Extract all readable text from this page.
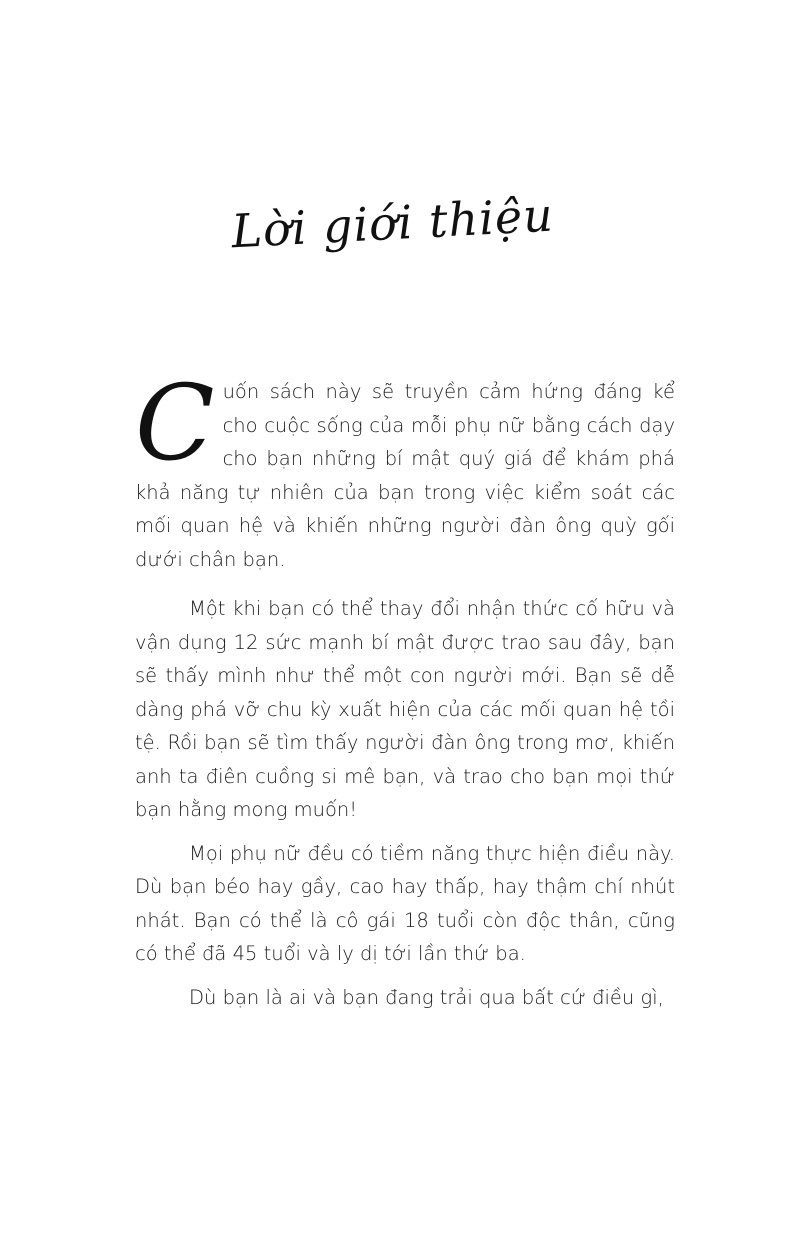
Lời giới thiệu

Cuốn sách này sẽ truyền cảm hứng đáng kể cho cuộc sống của mỗi phụ nữ bằng cách dạy cho bạn những bí mật quý giá để khám phá khả năng tự nhiên của bạn trong việc kiểm soát các mối quan hệ và khiến những người đàn ông quỳ gối dưới chân bạn.

Một khi bạn có thể thay đổi nhận thức cố hữu và vận dụng 12 sức mạnh bí mật được trao sau đây, bạn sẽ thấy mình như thể một con người mới. Bạn sẽ dễ dàng phá vỡ chu kỳ xuất hiện của các mối quan hệ tồi tệ. Rồi bạn sẽ tìm thấy người đàn ông trong mơ, khiến anh ta điên cuồng si mê bạn, và trao cho bạn mọi thứ bạn hằng mong muốn!

Mọi phụ nữ đều có tiềm năng thực hiện điều này. Dù bạn béo hay gầy, cao hay thấp, hay thậm chí nhút nhát. Bạn có thể là cô gái 18 tuổi còn độc thân, cũng có thể đã 45 tuổi và ly dị tới lần thứ ba.

Dù bạn là ai và bạn đang trải qua bất cứ điều gì,
